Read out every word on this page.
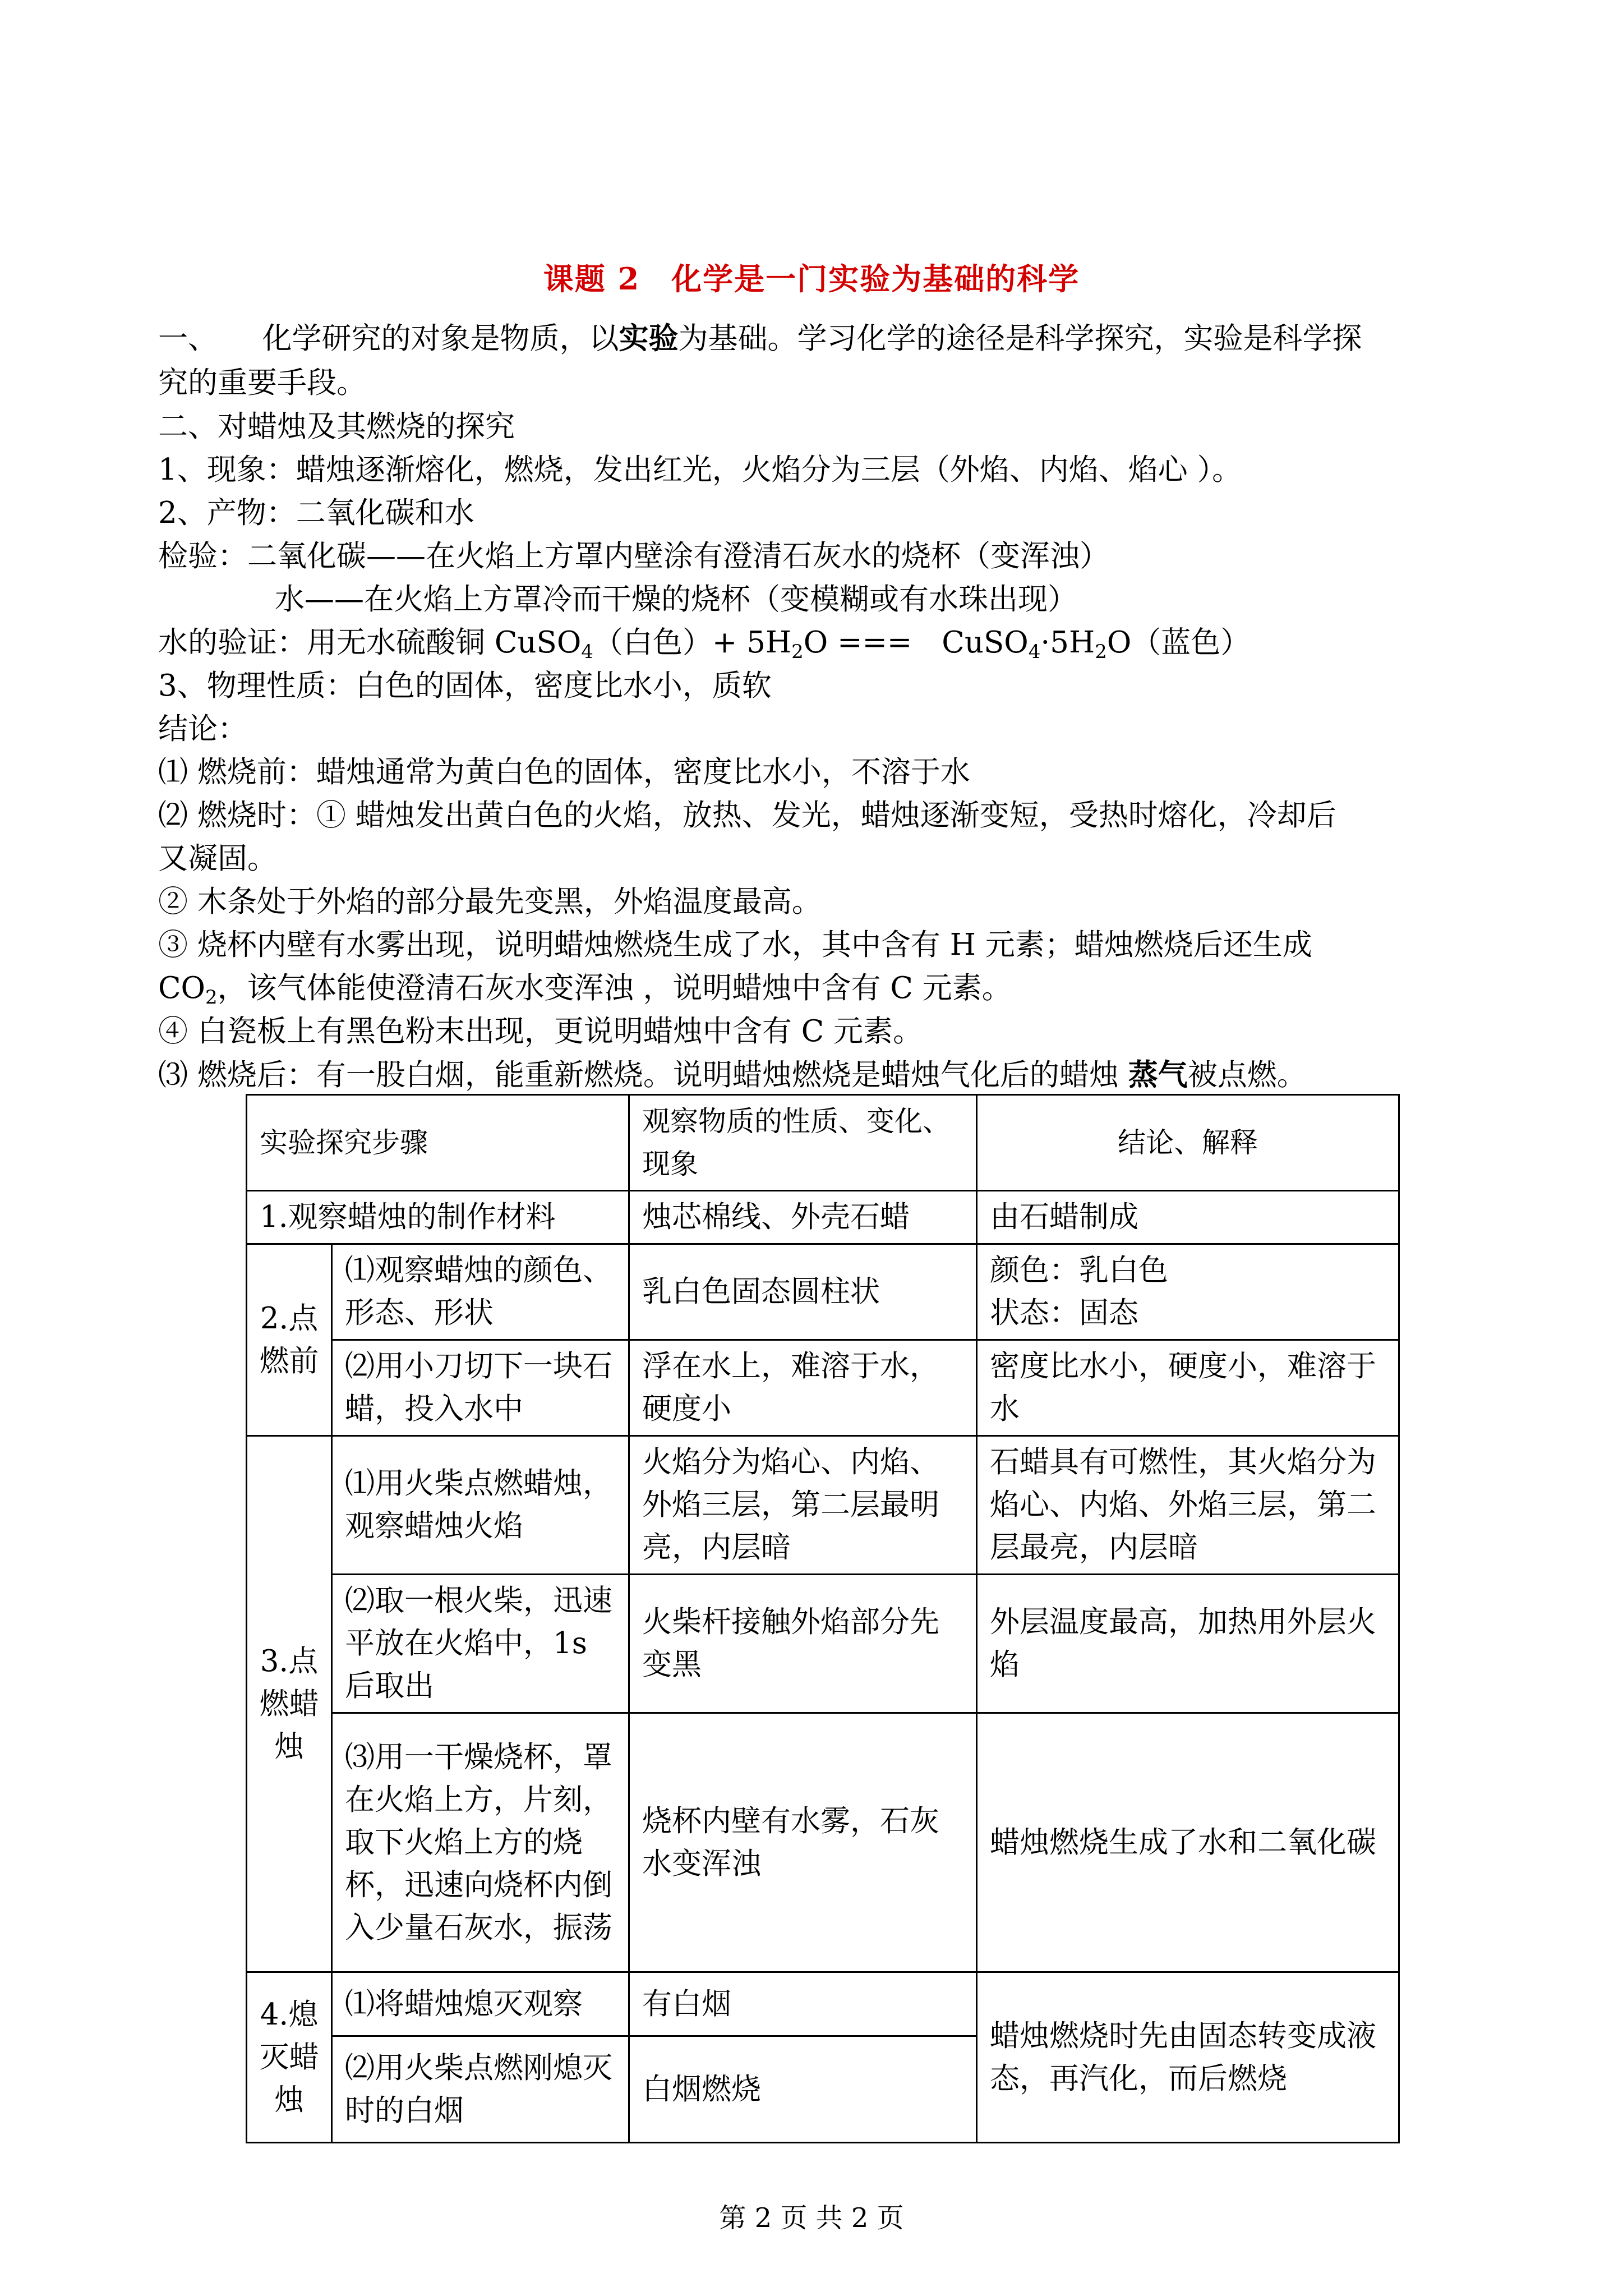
课题 2　化学是一门实验为基础的科学
一、　　化学研究的对象是物质，以实验为基础。学习化学的途径是科学探究，实验是科学探
究的重要手段。
二、对蜡烛及其燃烧的探究
1、现象：蜡烛逐渐熔化，燃烧，发出红光，火焰分为三层（外焰、内焰、焰心 ）。
2、产物：二氧化碳和水
检验：二氧化碳——在火焰上方罩内壁涂有澄清石灰水的烧杯（变浑浊）
水——在火焰上方罩冷而干燥的烧杯（变模糊或有水珠出现）
水的验证：用无水硫酸铜 CuSO$_4$（白色）+ $5H_2O$ ===　$CuSO_4\cdot 5H_2O$（蓝色）
3、物理性质：白色的固体，密度比水小，质软
结论：
⑴ 燃烧前：蜡烛通常为黄白色的固体，密度比水小，不溶于水
⑵ 燃烧时：① 蜡烛发出黄白色的火焰，放热、发光，蜡烛逐渐变短，受热时熔化，冷却后
又凝固。
② 木条处于外焰的部分最先变黑，外焰温度最高。
③ 烧杯内壁有水雾出现，说明蜡烛燃烧生成了水，其中含有 H 元素；蜡烛燃烧后还生成
$CO_2$，该气体能使澄清石灰水变浑浊 ，说明蜡烛中含有 C 元素。
④ 白瓷板上有黑色粉末出现，更说明蜡烛中含有 C 元素。
⑶ 燃烧后：有一股白烟，能重新燃烧。说明蜡烛燃烧是蜡烛气化后的蜡烛 蒸气被点燃。
实验探究步骤		观察物质的性质、变化、现象	结论、解释
1.观察蜡烛的制作材料		烛芯棉线、外壳石蜡	由石蜡制成
2.点燃前	⑴观察蜡烛的颜色、形态、形状	乳白色固态圆柱状	颜色：乳白色
状态：固态
	⑵用小刀切下一块石蜡，投入水中	浮在水上，难溶于水，硬度小	密度比水小，硬度小，难溶于水
3.点燃蜡烛	⑴用火柴点燃蜡烛，观察蜡烛火焰	火焰分为焰心、内焰、外焰三层，第二层最明亮，内层暗	石蜡具有可燃性，其火焰分为焰心、内焰、外焰三层，第二层最亮，内层暗
	⑵取一根火柴，迅速平放在火焰中，1s 后取出	火柴杆接触外焰部分先变黑	外层温度最高，加热用外层火焰
	⑶用一干燥烧杯，罩在火焰上方，片刻，取下火焰上方的烧杯，迅速向烧杯内倒入少量石灰水，振荡	烧杯内壁有水雾，石灰水变浑浊	蜡烛燃烧生成了水和二氧化碳
4.熄灭蜡烛	⑴将蜡烛熄灭观察	有白烟	蜡烛燃烧时先由固态转变成液态，再汽化，而后燃烧
	⑵用火柴点燃刚熄灭时的白烟	白烟燃烧	
第 2 页 共 2 页
